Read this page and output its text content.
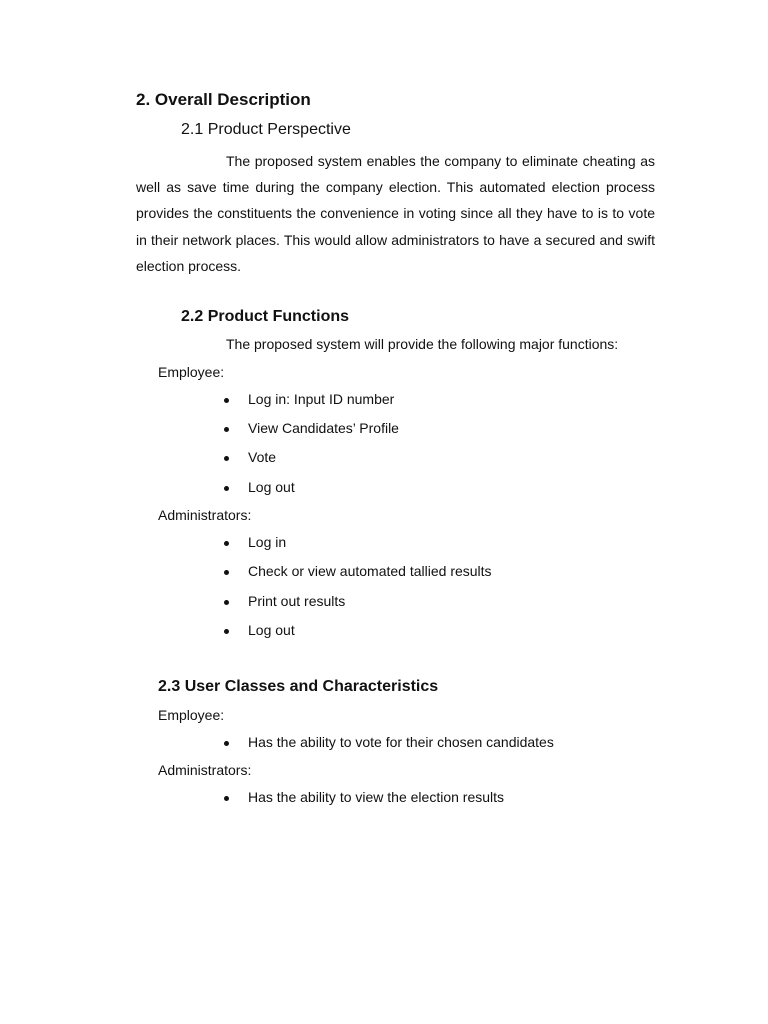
2. Overall Description
2.1 Product Perspective

The proposed system enables the company to eliminate cheating as well as save time during the company election. This automated election process provides the constituents the convenience in voting since all they have to is to vote in their network places. This would allow administrators to have a secured and swift election process.

2.2 Product Functions

The proposed system will provide the following major functions:

Employee:

Log in: Input ID number
View Candidates’ Profile
Vote
Log out

Administrators:

Log in
Check or view automated tallied results
Print out results
Log out
2.3 User Classes and Characteristics

Employee:

Has the ability to vote for their chosen candidates

Administrators:

Has the ability to view the election results
